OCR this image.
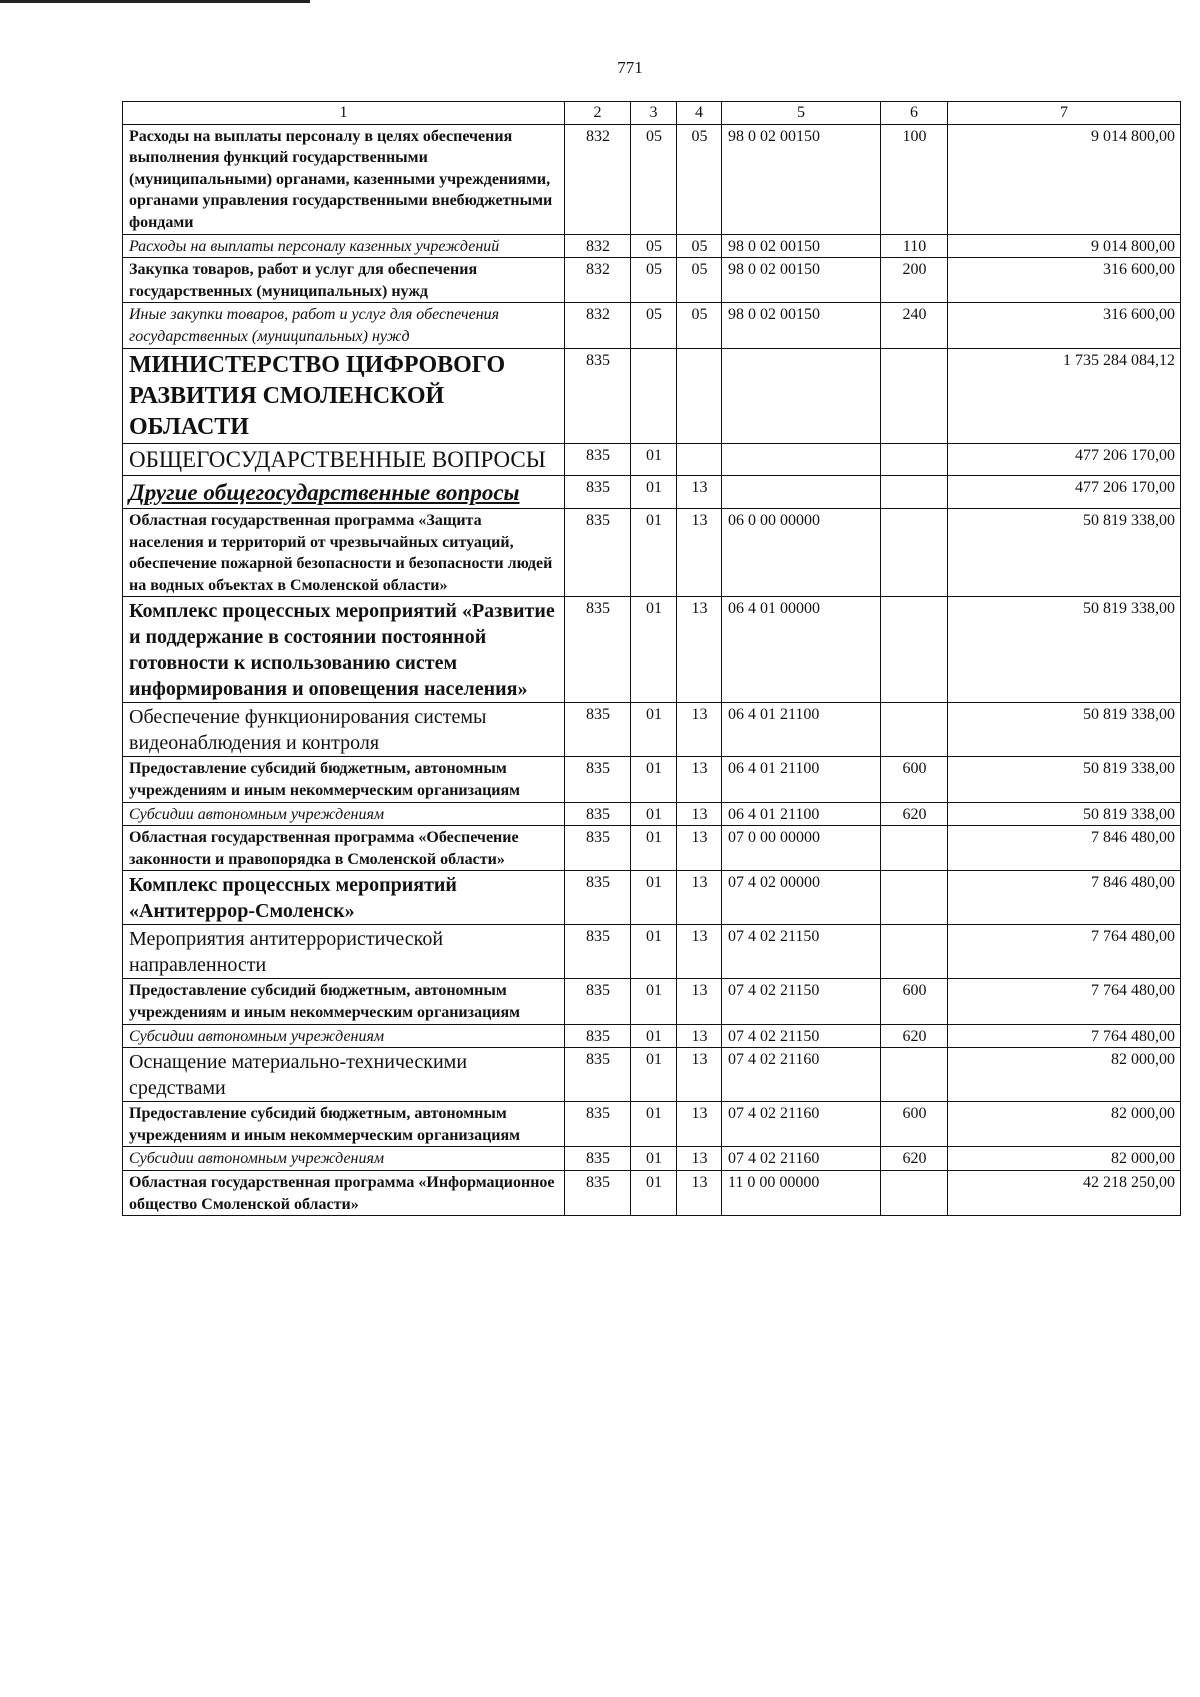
771
1	2	3	4	5	6	7
Расходы на выплаты персоналу в целях обеспечения выполнения функций государственными (муниципальными) органами, казенными учреждениями, органами управления государственными внебюджетными фондами	832	05	05	98 0 02 00150	100	9 014 800,00
Расходы на выплаты персоналу казенных учреждений	832	05	05	98 0 02 00150	110	9 014 800,00
Закупка товаров, работ и услуг для обеспечения государственных (муниципальных) нужд	832	05	05	98 0 02 00150	200	316 600,00
Иные закупки товаров, работ и услуг для обеспечения государственных (муниципальных) нужд	832	05	05	98 0 02 00150	240	316 600,00
МИНИСТЕРСТВО ЦИФРОВОГО РАЗВИТИЯ СМОЛЕНСКОЙ ОБЛАСТИ	835					1 735 284 084,12
ОБЩЕГОСУДАРСТВЕННЫЕ ВОПРОСЫ	835	01				477 206 170,00
Другие общегосударственные вопросы	835	01	13			477 206 170,00
Областная государственная программа «Защита населения и территорий от чрезвычайных ситуаций, обеспечение пожарной безопасности и безопасности людей на водных объектах в Смоленской области»	835	01	13	06 0 00 00000		50 819 338,00
Комплекс процессных мероприятий «Развитие и поддержание в состоянии постоянной готовности к использованию систем информирования и оповещения населения»	835	01	13	06 4 01 00000		50 819 338,00
Обеспечение функционирования системы видеонаблюдения и контроля	835	01	13	06 4 01 21100		50 819 338,00
Предоставление субсидий бюджетным, автономным учреждениям и иным некоммерческим организациям	835	01	13	06 4 01 21100	600	50 819 338,00
Субсидии автономным учреждениям	835	01	13	06 4 01 21100	620	50 819 338,00
Областная государственная программа «Обеспечение законности и правопорядка в Смоленской области»	835	01	13	07 0 00 00000		7 846 480,00
Комплекс процессных мероприятий «Антитеррор-Смоленск»	835	01	13	07 4 02 00000		7 846 480,00
Мероприятия антитеррористической направленности	835	01	13	07 4 02 21150		7 764 480,00
Предоставление субсидий бюджетным, автономным учреждениям и иным некоммерческим организациям	835	01	13	07 4 02 21150	600	7 764 480,00
Субсидии автономным учреждениям	835	01	13	07 4 02 21150	620	7 764 480,00
Оснащение материально-техническими средствами	835	01	13	07 4 02 21160		82 000,00
Предоставление субсидий бюджетным, автономным учреждениям и иным некоммерческим организациям	835	01	13	07 4 02 21160	600	82 000,00
Субсидии автономным учреждениям	835	01	13	07 4 02 21160	620	82 000,00
Областная государственная программа «Информационное общество Смоленской области»	835	01	13	11 0 00 00000		42 218 250,00
